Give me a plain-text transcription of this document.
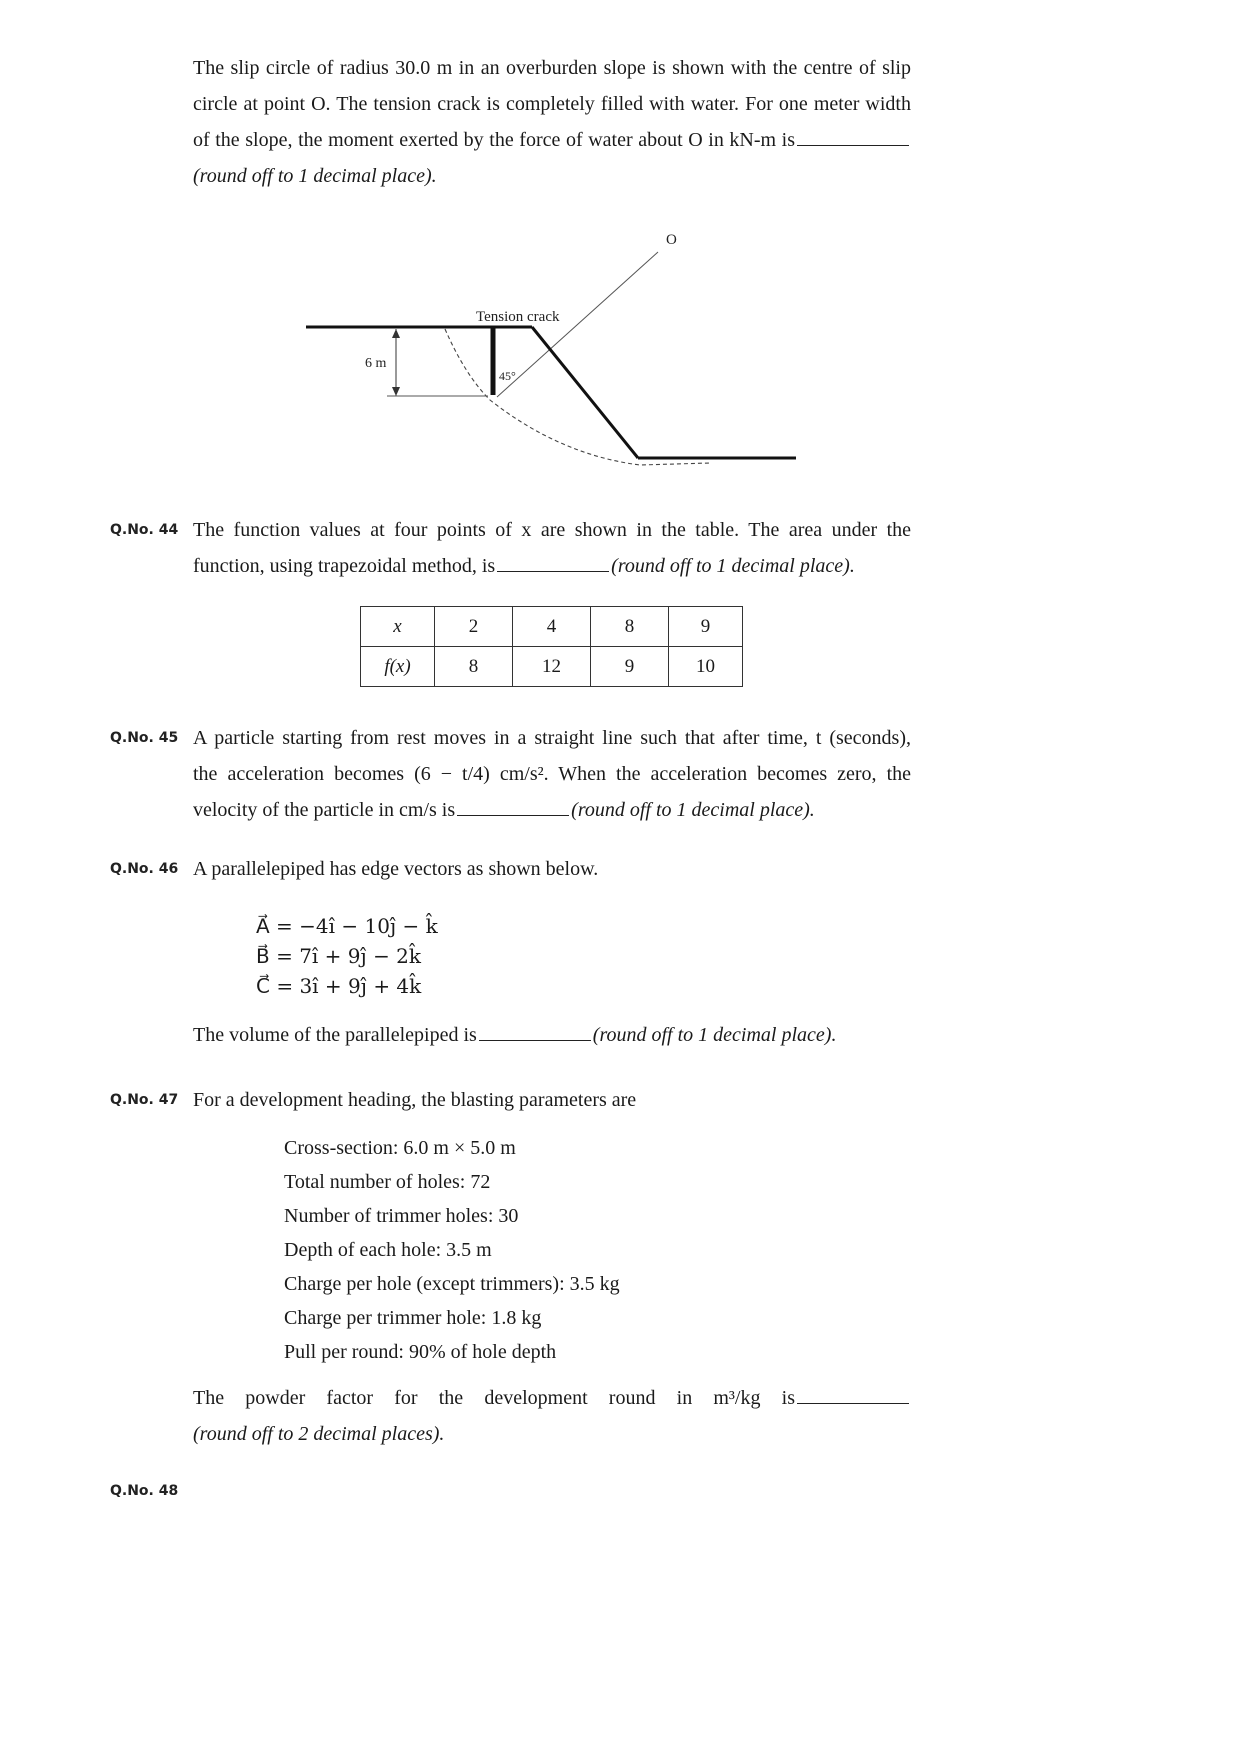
The slip circle of radius 30.0 m in an overburden slope is shown with the centre of slip
circle at point O. The tension crack is completely filled with water. For one meter width
of the slope, the moment exerted by the force of water about O in kN-m is
(round off to 1 decimal place).
O
6 m
Tension crack
45°
Q.No. 44 The function values at four points of x are shown in the table. The area under the
function, using trapezoidal method, is	(round off to 1 decimal place).
x	2	4	8	9
f(x)	8	12	9	10
Q.No. 45 A particle starting from rest moves in a straight line such that after time, t (seconds),
the acceleration becomes (6 − t/4) cm/s². When the acceleration becomes zero, the
velocity of the particle in cm/s is	(round off to 1 decimal place).
Q.No. 46 A parallelepiped has edge vectors as shown below.
A⃗ = −4î − 10ĵ − k̂
B⃗ = 7î + 9ĵ − 2k̂
C⃗ = 3î + 9ĵ + 4k̂
The volume of the parallelepiped is	(round off to 1 decimal place).
Q.No. 47 For a development heading, the blasting parameters are
Cross-section: 6.0 m × 5.0 m
Total number of holes: 72
Number of trimmer holes: 30
Depth of each hole: 3.5 m
Charge per hole (except trimmers): 3.5 kg
Charge per trimmer hole: 1.8 kg
Pull per round: 90% of hole depth
The powder factor for the development round in m³/kg is
(round off to 2 decimal places).
Q.No. 48
